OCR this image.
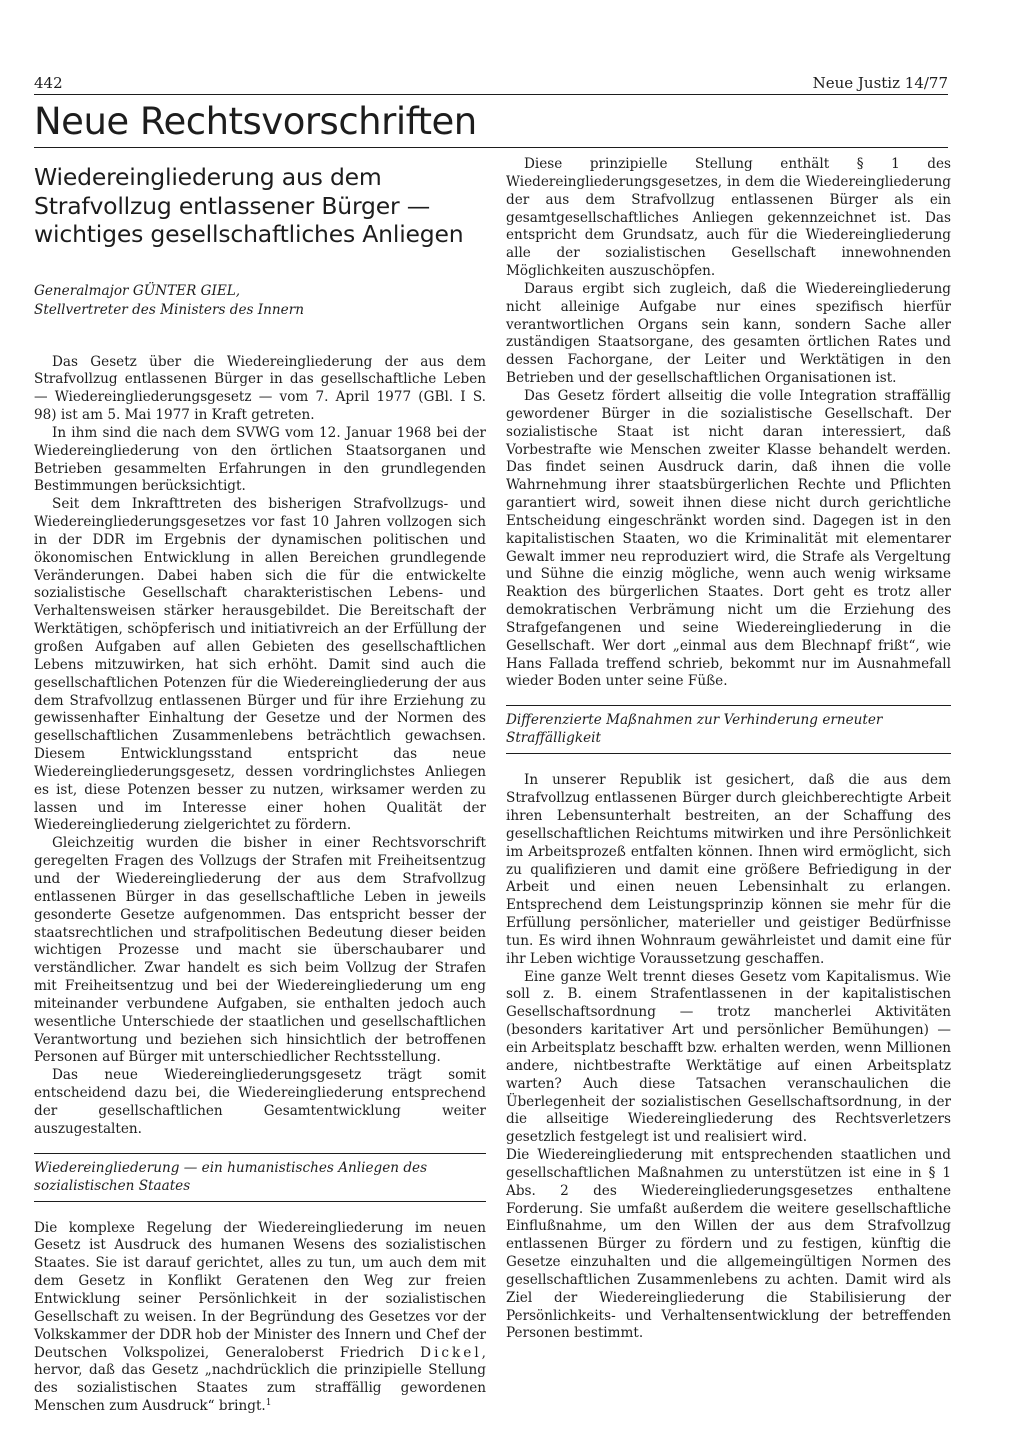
442	Neue Justiz 14/77
Neue Rechtsvorschriften
Wiedereingliederung aus dem Strafvollzug entlassener Bürger — wichtiges gesellschaftliches Anliegen
Generalmajor GÜNTER GIEL,
Stellvertreter des Ministers des Innern

Das Gesetz über die Wiedereingliederung der aus dem Strafvollzug entlassenen Bürger in das gesellschaftliche Leben — Wiedereingliederungsgesetz — vom 7. April 1977 (GBl. I S. 98) ist am 5. Mai 1977 in Kraft getreten.

In ihm sind die nach dem SVWG vom 12. Januar 1968 bei der Wiedereingliederung von den örtlichen Staatsorganen und Betrieben gesammelten Erfahrungen in den grundlegenden Bestimmungen berücksichtigt.

Seit dem Inkrafttreten des bisherigen Strafvollzugs- und Wiedereingliederungsgesetzes vor fast 10 Jahren vollzogen sich in der DDR im Ergebnis der dynamischen politischen und ökonomischen Entwicklung in allen Bereichen grundlegende Veränderungen. Dabei haben sich die für die entwickelte sozialistische Gesellschaft charakteristischen Lebens- und Verhaltensweisen stärker herausgebildet. Die Bereitschaft der Werktätigen, schöpferisch und initiativreich an der Erfüllung der großen Aufgaben auf allen Gebieten des gesellschaftlichen Lebens mitzuwirken, hat sich erhöht. Damit sind auch die gesellschaftlichen Potenzen für die Wiedereingliederung der aus dem Strafvollzug entlassenen Bürger und für ihre Erziehung zu gewissenhafter Einhaltung der Gesetze und der Normen des gesellschaftlichen Zusammenlebens beträchtlich gewachsen. Diesem Entwicklungsstand entspricht das neue Wiedereingliederungsgesetz, dessen vordringlichstes Anliegen es ist, diese Potenzen besser zu nutzen, wirksamer werden zu lassen und im Interesse einer hohen Qualität der Wiedereingliederung zielgerichtet zu fördern.

Gleichzeitig wurden die bisher in einer Rechtsvorschrift geregelten Fragen des Vollzugs der Strafen mit Freiheitsentzug und der Wiedereingliederung der aus dem Strafvollzug entlassenen Bürger in das gesellschaftliche Leben in jeweils gesonderte Gesetze aufgenommen. Das entspricht besser der staatsrechtlichen und strafpolitischen Bedeutung dieser beiden wichtigen Prozesse und macht sie überschaubarer und verständlicher. Zwar handelt es sich beim Vollzug der Strafen mit Freiheitsentzug und bei der Wiedereingliederung um eng miteinander verbundene Aufgaben, sie enthalten jedoch auch wesentliche Unterschiede der staatlichen und gesellschaftlichen Verantwortung und beziehen sich hinsichtlich der betroffenen Personen auf Bürger mit unterschiedlicher Rechtsstellung.

Das neue Wiedereingliederungsgesetz trägt somit entscheidend dazu bei, die Wiedereingliederung entsprechend der gesellschaftlichen Gesamtentwicklung weiter auszugestalten.

Wiedereingliederung — ein humanistisches Anliegen des sozialistischen Staates

Die komplexe Regelung der Wiedereingliederung im neuen Gesetz ist Ausdruck des humanen Wesens des sozialistischen Staates. Sie ist darauf gerichtet, alles zu tun, um auch dem mit dem Gesetz in Konflikt Geratenen den Weg zur freien Entwicklung seiner Persönlichkeit in der sozialistischen Gesellschaft zu weisen. In der Begründung des Gesetzes vor der Volkskammer der DDR hob der Minister des Innern und Chef der Deutschen Volkspolizei, Generaloberst Friedrich Dickel, hervor, daß das Gesetz „nachdrücklich die prinzipielle Stellung des sozialistischen Staates zum straffällig gewordenen Menschen zum Ausdruck“ bringt.$^1$

Diese prinzipielle Stellung enthält § 1 des Wiedereingliederungsgesetzes, in dem die Wiedereingliederung der aus dem Strafvollzug entlassenen Bürger als ein gesamtgesellschaftliches Anliegen gekennzeichnet ist. Das entspricht dem Grundsatz, auch für die Wiedereingliederung alle der sozialistischen Gesellschaft innewohnenden Möglichkeiten auszuschöpfen.

Daraus ergibt sich zugleich, daß die Wiedereingliederung nicht alleinige Aufgabe nur eines spezifisch hierfür verantwortlichen Organs sein kann, sondern Sache aller zuständigen Staatsorgane, des gesamten örtlichen Rates und dessen Fachorgane, der Leiter und Werktätigen in den Betrieben und der gesellschaftlichen Organisationen ist.

Das Gesetz fördert allseitig die volle Integration straffällig gewordener Bürger in die sozialistische Gesellschaft. Der sozialistische Staat ist nicht daran interessiert, daß Vorbestrafte wie Menschen zweiter Klasse behandelt werden. Das findet seinen Ausdruck darin, daß ihnen die volle Wahrnehmung ihrer staatsbürgerlichen Rechte und Pflichten garantiert wird, soweit ihnen diese nicht durch gerichtliche Entscheidung eingeschränkt worden sind. Dagegen ist in den kapitalistischen Staaten, wo die Kriminalität mit elementarer Gewalt immer neu reproduziert wird, die Strafe als Vergeltung und Sühne die einzig mögliche, wenn auch wenig wirksame Reaktion des bürgerlichen Staates. Dort geht es trotz aller demokratischen Verbrämung nicht um die Erziehung des Strafgefangenen und seine Wiedereingliederung in die Gesellschaft. Wer dort „einmal aus dem Blechnapf frißt“, wie Hans Fallada treffend schrieb, bekommt nur im Ausnahmefall wieder Boden unter seine Füße.

Differenzierte Maßnahmen zur Verhinderung erneuter Straffälligkeit

In unserer Republik ist gesichert, daß die aus dem Strafvollzug entlassenen Bürger durch gleichberechtigte Arbeit ihren Lebensunterhalt bestreiten, an der Schaffung des gesellschaftlichen Reichtums mitwirken und ihre Persönlichkeit im Arbeitsprozeß entfalten können. Ihnen wird ermöglicht, sich zu qualifizieren und damit eine größere Befriedigung in der Arbeit und einen neuen Lebensinhalt zu erlangen. Entsprechend dem Leistungsprinzip können sie mehr für die Erfüllung persönlicher, materieller und geistiger Bedürfnisse tun. Es wird ihnen Wohnraum gewährleistet und damit eine für ihr Leben wichtige Voraussetzung geschaffen.

Eine ganze Welt trennt dieses Gesetz vom Kapitalismus. Wie soll z. B. einem Strafentlassenen in der kapitalistischen Gesellschaftsordnung — trotz mancherlei Aktivitäten (besonders karitativer Art und persönlicher Bemühungen) — ein Arbeitsplatz beschafft bzw. erhalten werden, wenn Millionen andere, nichtbestrafte Werktätige auf einen Arbeitsplatz warten? Auch diese Tatsachen veranschaulichen die Überlegenheit der sozialistischen Gesellschaftsordnung, in der die allseitige Wiedereingliederung des Rechtsverletzers gesetzlich festgelegt ist und realisiert wird.

Die Wiedereingliederung mit entsprechenden staatlichen und gesellschaftlichen Maßnahmen zu unterstützen ist eine in § 1 Abs. 2 des Wiedereingliederungsgesetzes enthaltene Forderung. Sie umfaßt außerdem die weitere gesellschaftliche Einflußnahme, um den Willen der aus dem Strafvollzug entlassenen Bürger zu fördern und zu festigen, künftig die Gesetze einzuhalten und die allgemeingültigen Normen des gesellschaftlichen Zusammenlebens zu achten. Damit wird als Ziel der Wiedereingliederung die Stabilisierung der Persönlichkeits- und Verhaltensentwicklung der betreffenden Personen bestimmt.
